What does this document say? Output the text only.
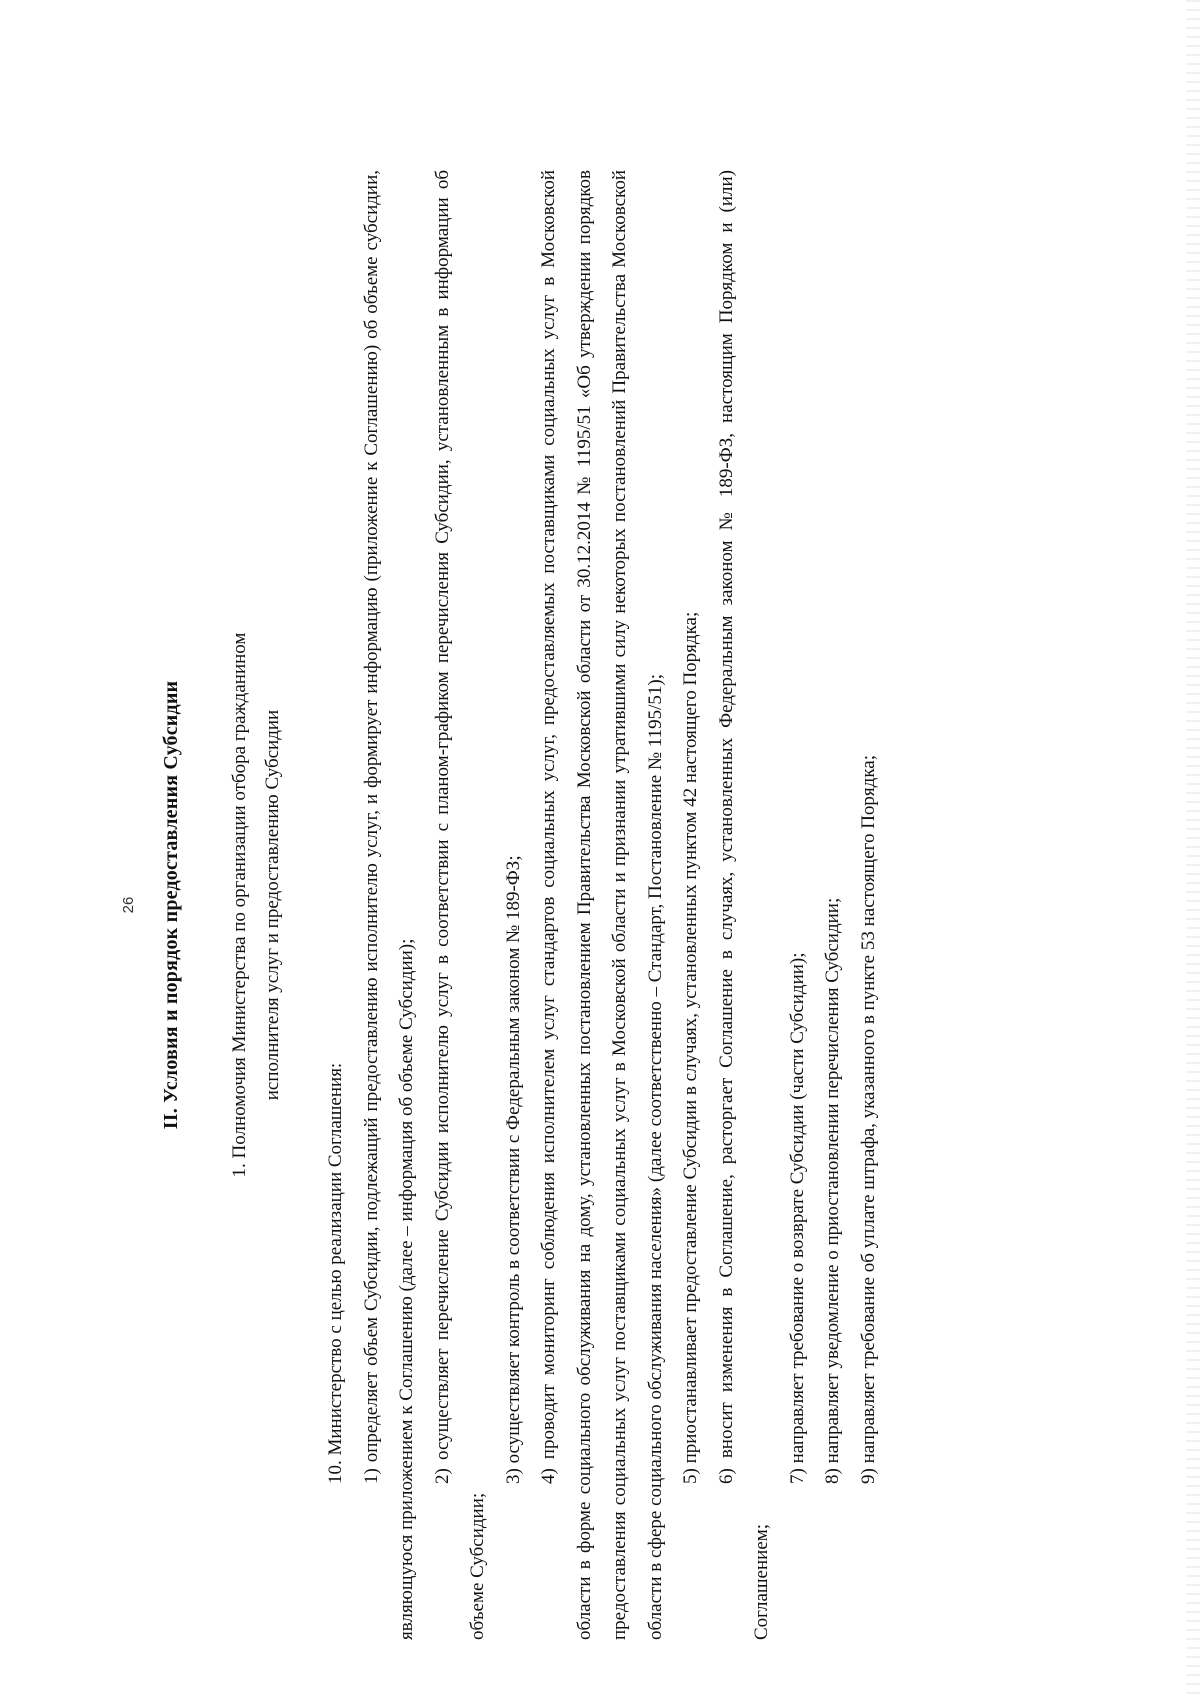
26 II. Условия и порядок предоставления Субсидии	1. Полномочия Министерства по организации отбора гражданином исполнителя услуг и предоставлению Субсидии

10. Министерство с целью реализации Соглашения: 1) определяет объем Субсидии, подлежащий предоставлению исполнителю услуг, и формирует информацию (приложение к Соглашению) об объеме субсидии, являющуюся приложением к Соглашению (далее – информация об объеме Субсидии); 2) осуществляет перечисление Субсидии исполнителю услуг в соответствии с планом-графиком перечисления Субсидии, установленным в информации об объеме Субсидии;

3) осуществляет контроль в соответствии с Федеральным законом № 189-ФЗ; 4) проводит мониторинг соблюдения исполнителем услуг стандартов социальных услуг, предоставляемых поставщиками социальных услуг в Московской области в форме социального обслуживания на дому, установленных постановлением Правительства Московской области от 30.12.2014 № 1195/51 «Об утверждении порядков предоставления социальных услуг поставщиками социальных услуг в Московской области и признании утратившими силу некоторых постановлений Правительства Московской области в сфере социального обслуживания населения» (далее соответственно – Стандарт, Постановление № 1195/51); 5) приостанавливает предоставление Субсидии в случаях, установленных пунктом 42 настоящего Порядка; 6) вносит изменения в Соглашение, расторгает Соглашение в случаях, установленных Федеральным законом № 189-ФЗ, настоящим Порядком и (или) Соглашением;

7) направляет требование о возврате Субсидии (части Субсидии); 8) направляет уведомление о приостановлении перечисления Субсидии; 9) направляет требование об уплате штрафа, указанного в пункте 53 настоящего Порядка;
